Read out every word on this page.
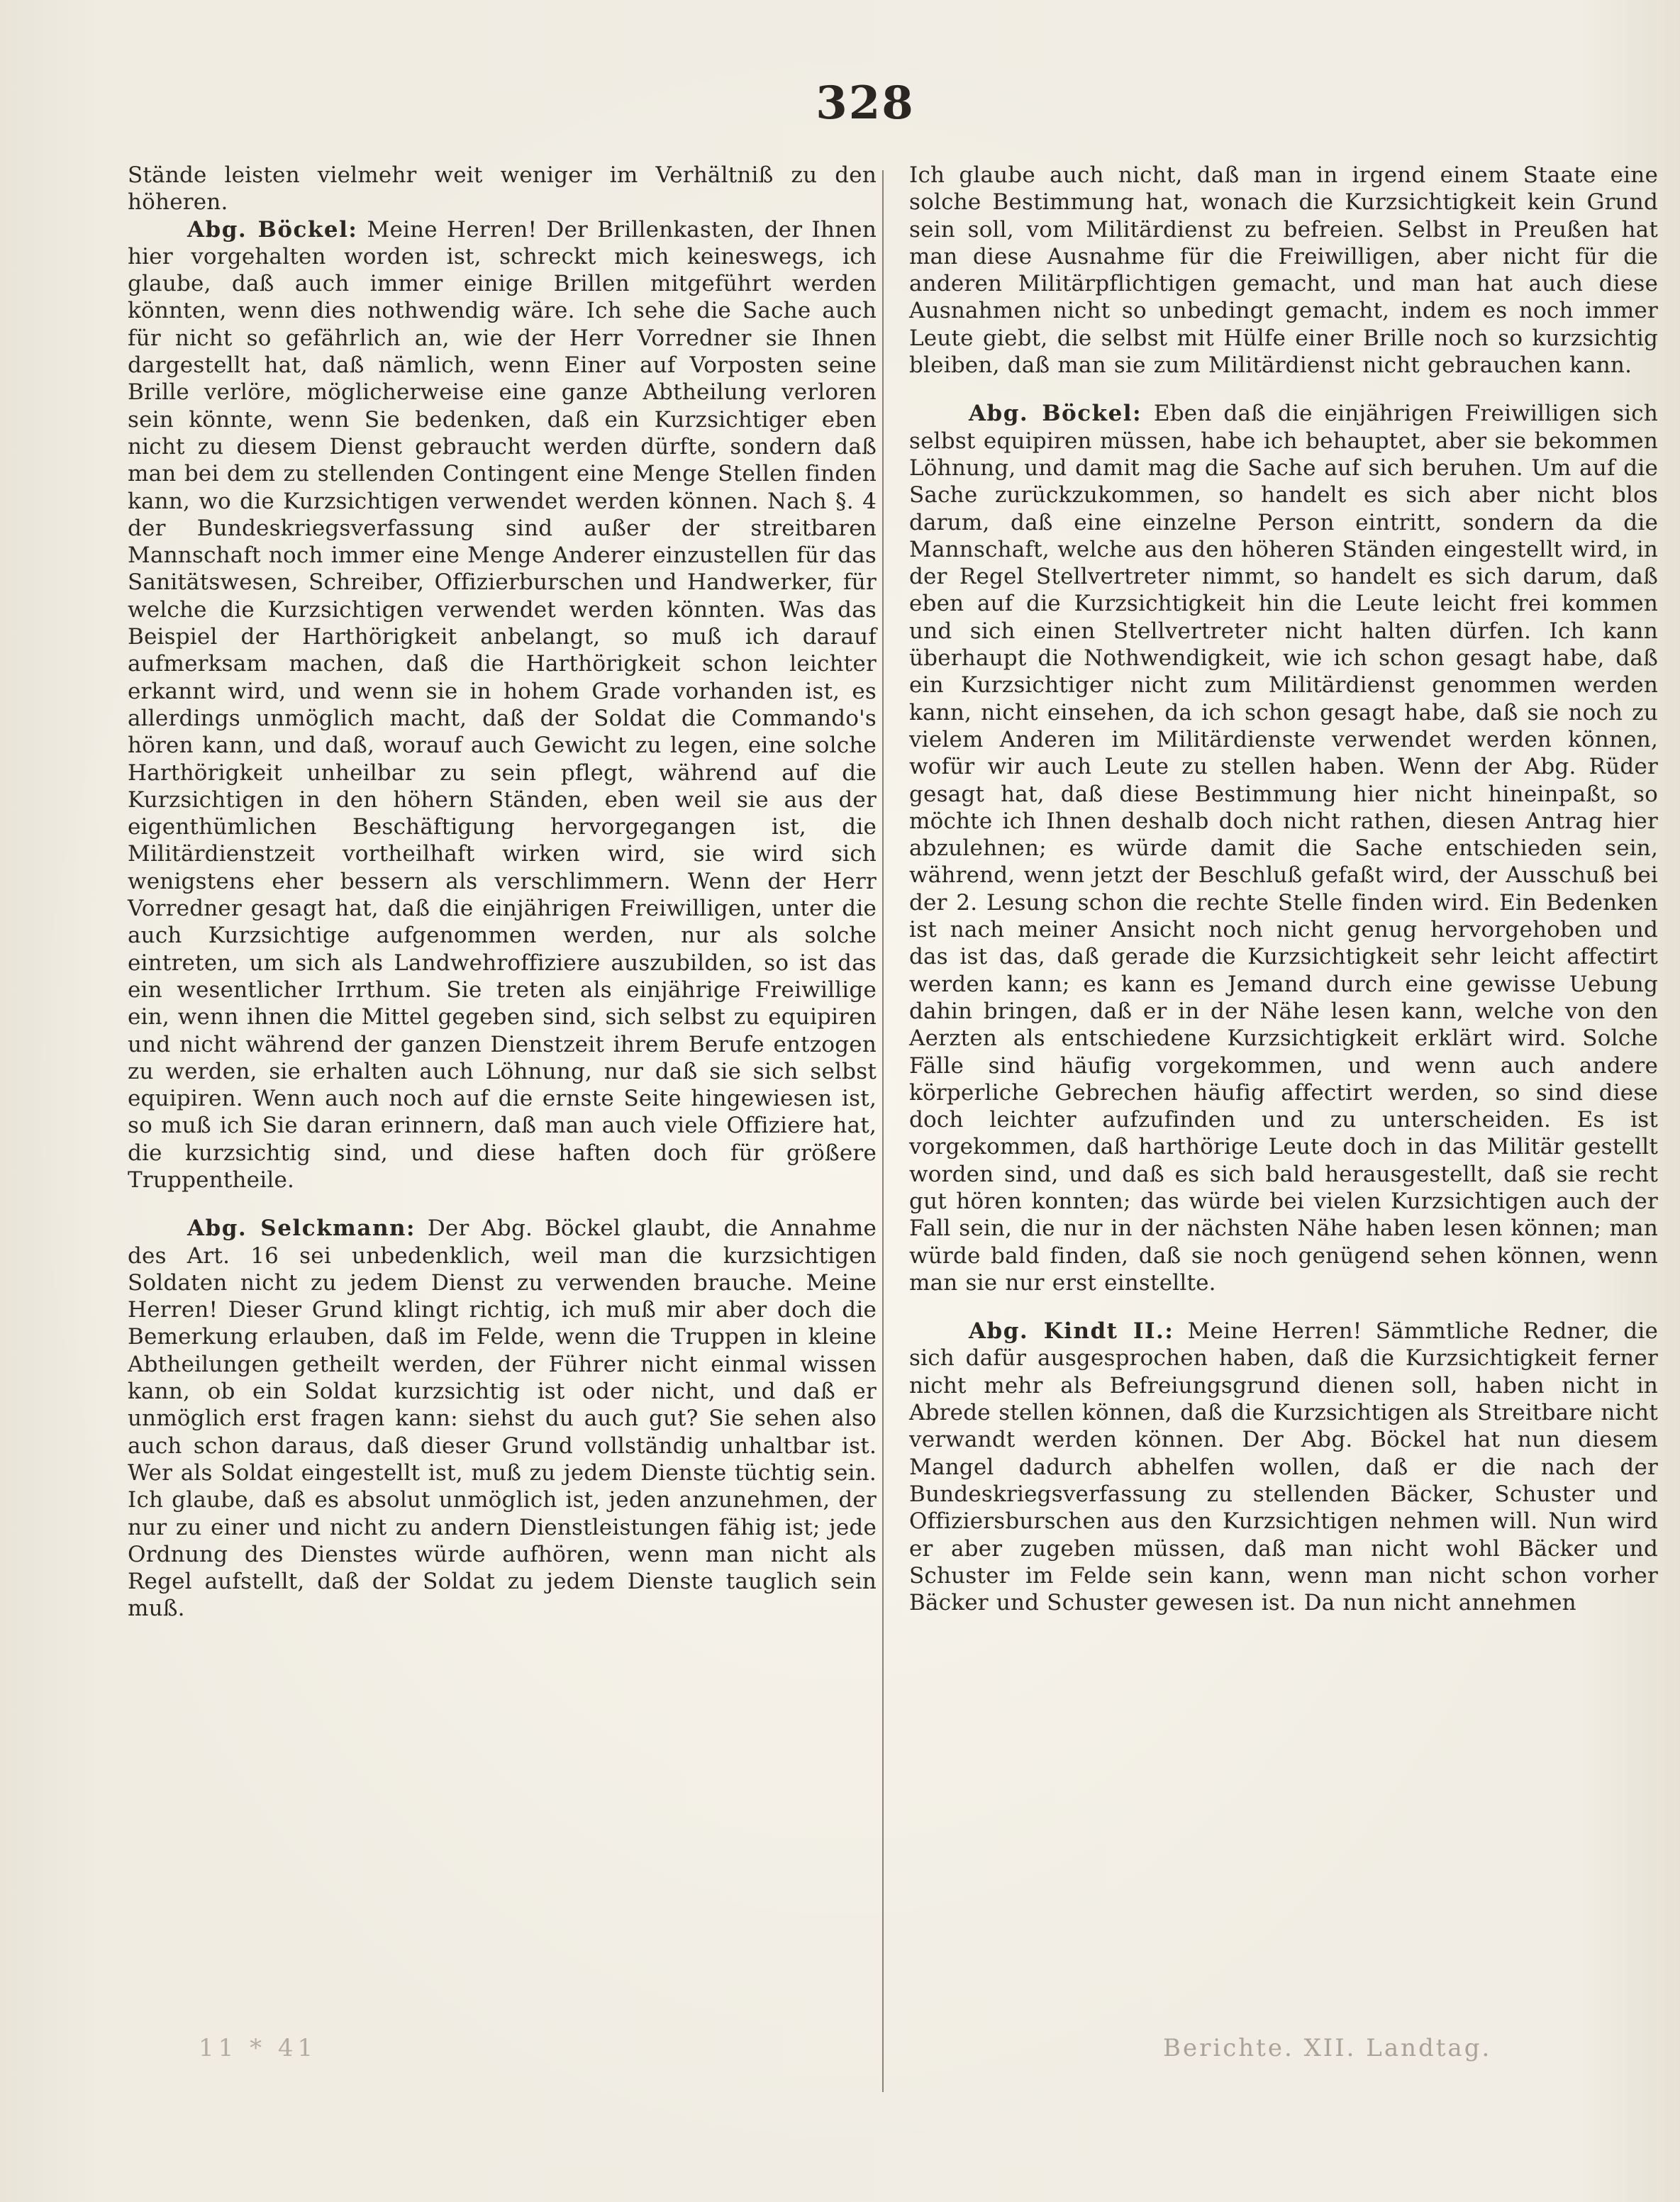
328

Stände leisten vielmehr weit weniger im Verhältniß zu den höheren.

Abg. Böckel: Meine Herren! Der Brillenkasten, der Ihnen hier vorgehalten worden ist, schreckt mich keineswegs, ich glaube, daß auch immer einige Brillen mitgeführt werden könnten, wenn dies nothwendig wäre. Ich sehe die Sache auch für nicht so gefährlich an, wie der Herr Vorredner sie Ihnen dargestellt hat, daß nämlich, wenn Einer auf Vorposten seine Brille verlöre, möglicherweise eine ganze Abtheilung verloren sein könnte, wenn Sie bedenken, daß ein Kurzsichtiger eben nicht zu diesem Dienst gebraucht werden dürfte, sondern daß man bei dem zu stellenden Contingent eine Menge Stellen finden kann, wo die Kurzsichtigen verwendet werden können. Nach §. 4 der Bundeskriegsverfassung sind außer der streitbaren Mannschaft noch immer eine Menge Anderer einzustellen für das Sanitätswesen, Schreiber, Offizierburschen und Handwerker, für welche die Kurzsichtigen verwendet werden könnten. Was das Beispiel der Harthörigkeit anbelangt, so muß ich darauf aufmerksam machen, daß die Harthörigkeit schon leichter erkannt wird, und wenn sie in hohem Grade vorhanden ist, es allerdings unmöglich macht, daß der Soldat die Commando's hören kann, und daß, worauf auch Gewicht zu legen, eine solche Harthörigkeit unheilbar zu sein pflegt, während auf die Kurzsichtigen in den höhern Ständen, eben weil sie aus der eigenthümlichen Beschäftigung hervorgegangen ist, die Militärdienstzeit vortheilhaft wirken wird, sie wird sich wenigstens eher bessern als verschlimmern. Wenn der Herr Vorredner gesagt hat, daß die einjährigen Freiwilligen, unter die auch Kurzsichtige aufgenommen werden, nur als solche eintreten, um sich als Landwehroffiziere auszubilden, so ist das ein wesentlicher Irrthum. Sie treten als einjährige Freiwillige ein, wenn ihnen die Mittel gegeben sind, sich selbst zu equipiren und nicht während der ganzen Dienstzeit ihrem Berufe entzogen zu werden, sie erhalten auch Löhnung, nur daß sie sich selbst equipiren. Wenn auch noch auf die ernste Seite hingewiesen ist, so muß ich Sie daran erinnern, daß man auch viele Offiziere hat, die kurzsichtig sind, und diese haften doch für größere Truppentheile.

Abg. Selckmann: Der Abg. Böckel glaubt, die Annahme des Art. 16 sei unbedenklich, weil man die kurzsichtigen Soldaten nicht zu jedem Dienst zu verwenden brauche. Meine Herren! Dieser Grund klingt richtig, ich muß mir aber doch die Bemerkung erlauben, daß im Felde, wenn die Truppen in kleine Abtheilungen getheilt werden, der Führer nicht einmal wissen kann, ob ein Soldat kurzsichtig ist oder nicht, und daß er unmöglich erst fragen kann: siehst du auch gut? Sie sehen also auch schon daraus, daß dieser Grund vollständig unhaltbar ist. Wer als Soldat eingestellt ist, muß zu jedem Dienste tüchtig sein. Ich glaube, daß es absolut unmöglich ist, jeden anzunehmen, der nur zu einer und nicht zu andern Dienstleistungen fähig ist; jede Ordnung des Dienstes würde aufhören, wenn man nicht als Regel aufstellt, daß der Soldat zu jedem Dienste tauglich sein muß.

Ich glaube auch nicht, daß man in irgend einem Staate eine solche Bestimmung hat, wonach die Kurzsichtigkeit kein Grund sein soll, vom Militärdienst zu befreien. Selbst in Preußen hat man diese Ausnahme für die Freiwilligen, aber nicht für die anderen Militärpflichtigen gemacht, und man hat auch diese Ausnahmen nicht so unbedingt gemacht, indem es noch immer Leute giebt, die selbst mit Hülfe einer Brille noch so kurzsichtig bleiben, daß man sie zum Militärdienst nicht gebrauchen kann.

Abg. Böckel: Eben daß die einjährigen Freiwilligen sich selbst equipiren müssen, habe ich behauptet, aber sie bekommen Löhnung, und damit mag die Sache auf sich beruhen. Um auf die Sache zurückzukommen, so handelt es sich aber nicht blos darum, daß eine einzelne Person eintritt, sondern da die Mannschaft, welche aus den höheren Ständen eingestellt wird, in der Regel Stellvertreter nimmt, so handelt es sich darum, daß eben auf die Kurzsichtigkeit hin die Leute leicht frei kommen und sich einen Stellvertreter nicht halten dürfen. Ich kann überhaupt die Nothwendigkeit, wie ich schon gesagt habe, daß ein Kurzsichtiger nicht zum Militärdienst genommen werden kann, nicht einsehen, da ich schon gesagt habe, daß sie noch zu vielem Anderen im Militärdienste verwendet werden können, wofür wir auch Leute zu stellen haben. Wenn der Abg. Rüder gesagt hat, daß diese Bestimmung hier nicht hineinpaßt, so möchte ich Ihnen deshalb doch nicht rathen, diesen Antrag hier abzulehnen; es würde damit die Sache entschieden sein, während, wenn jetzt der Beschluß gefaßt wird, der Ausschuß bei der 2. Lesung schon die rechte Stelle finden wird. Ein Bedenken ist nach meiner Ansicht noch nicht genug hervorgehoben und das ist das, daß gerade die Kurzsichtigkeit sehr leicht affectirt werden kann; es kann es Jemand durch eine gewisse Uebung dahin bringen, daß er in der Nähe lesen kann, welche von den Aerzten als entschiedene Kurzsichtigkeit erklärt wird. Solche Fälle sind häufig vorgekommen, und wenn auch andere körperliche Gebrechen häufig affectirt werden, so sind diese doch leichter aufzufinden und zu unterscheiden. Es ist vorgekommen, daß harthörige Leute doch in das Militär gestellt worden sind, und daß es sich bald herausgestellt, daß sie recht gut hören konnten; das würde bei vielen Kurzsichtigen auch der Fall sein, die nur in der nächsten Nähe haben lesen können; man würde bald finden, daß sie noch genügend sehen können, wenn man sie nur erst einstellte.

Abg. Kindt II.: Meine Herren! Sämmtliche Redner, die sich dafür ausgesprochen haben, daß die Kurzsichtigkeit ferner nicht mehr als Befreiungsgrund dienen soll, haben nicht in Abrede stellen können, daß die Kurzsichtigen als Streitbare nicht verwandt werden können. Der Abg. Böckel hat nun diesem Mangel dadurch abhelfen wollen, daß er die nach der Bundeskriegsverfassung zu stellenden Bäcker, Schuster und Offiziersburschen aus den Kurzsichtigen nehmen will. Nun wird er aber zugeben müssen, daß man nicht wohl Bäcker und Schuster im Felde sein kann, wenn man nicht schon vorher Bäcker und Schuster gewesen ist. Da nun nicht annehmen

11 * 41	Berichte. XII. Landtag.
